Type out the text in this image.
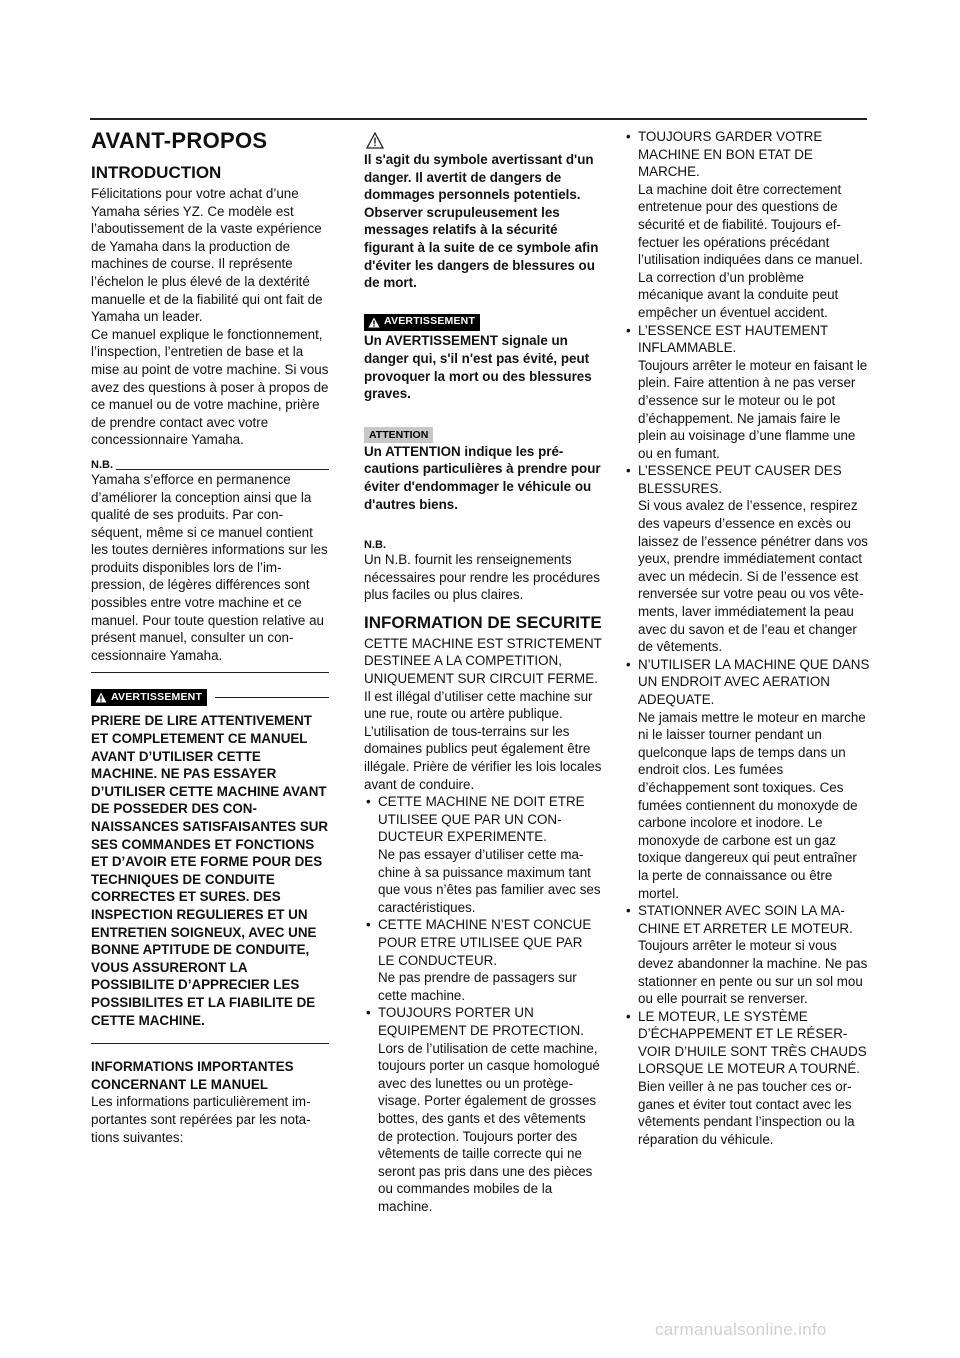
AVANT-PROPOS
INTRODUCTION

Félicitations pour votre achat d’une Yamaha séries YZ. Ce modèle est l’aboutissement de la vaste expérience de Yamaha dans la production de machines de course. Il représente l’échelon le plus élevé de la dextérité manuelle et de la fiabilité qui ont fait de Yamaha un leader.

Ce manuel explique le fonctionnement, l’inspection, l’entretien de base et la mise au point de votre machine. Si vous avez des questions à poser à propos de ce manuel ou de votre machine, prière de prendre contact avec votre concessionnaire Yamaha.

N.B.

Yamaha s’efforce en permanence d’améliorer la conception ainsi que la qualité de ses produits. Par conséquent, même si ce manuel contient les toutes dernières informations sur les produits disponibles lors de l’impression, de légères différences sont possibles entre votre machine et ce manuel. Pour toute question relative au présent manuel, consulter un concessionnaire Yamaha.

AVERTISSEMENT

PRIERE DE LIRE ATTENTIVEMENT ET COMPLETEMENT CE MANUEL AVANT D’UTILISER CETTE MACHINE. NE PAS ESSAYER D’UTILISER CETTE MACHINE AVANT DE POSSEDER DES CONNAISSANCES SATISFAISANTES SUR SES COMMANDES ET FONCTIONS ET D’AVOIR ETE FORME POUR DES TECHNIQUES DE CONDUITE CORRECTES ET SURES. DES INSPECTION REGULIERES ET UN ENTRETIEN SOIGNEUX, AVEC UNE BONNE APTITUDE DE CONDUITE, VOUS ASSURERONT LA POSSIBILITE D’APPRECIER LES POSSIBILITES ET LA FIABILITE DE CETTE MACHINE.

INFORMATIONS IMPORTANTES CONCERNANT LE MANUEL

Les informations particulièrement importantes sont repérées par les notations suivantes:

Il s'agit du symbole avertissant d'un danger. Il avertit de dangers de dommages personnels potentiels. Observer scrupuleusement les messages relatifs à la sécurité figurant à la suite de ce symbole afin d'éviter les dangers de blessures ou de mort.

AVERTISSEMENT

Un AVERTISSEMENT signale un danger qui, s'il n'est pas évité, peut provoquer la mort ou des blessures graves.

ATTENTION

Un ATTENTION indique les précautions particulières à prendre pour éviter d'endommager le véhicule ou d'autres biens.

N.B.

Un N.B. fournit les renseignements nécessaires pour rendre les procédures plus faciles ou plus claires.

INFORMATION DE SECURITE

CETTE MACHINE EST STRICTEMENT DESTINEE A LA COMPETITION, UNIQUEMENT SUR CIRCUIT FERME. Il est illégal d’utiliser cette machine sur une rue, route ou artère publique. L’utilisation de tous-terrains sur les domaines publics peut également être illégale. Prière de vérifier les lois locales avant de conduire.

• CETTE MACHINE NE DOIT ETRE UTILISEE QUE PAR UN CONDUCTEUR EXPERIMENTE.

Ne pas essayer d’utiliser cette machine à sa puissance maximum tant que vous n’êtes pas familier avec ses caractéristiques.

• CETTE MACHINE N’EST CONCUE POUR ETRE UTILISEE QUE PAR LE CONDUCTEUR.

Ne pas prendre de passagers sur cette machine.

• TOUJOURS PORTER UN EQUIPEMENT DE PROTECTION.

Lors de l’utilisation de cette machine, toujours porter un casque homologué avec des lunettes ou un protège-visage. Porter également de grosses bottes, des gants et des vêtements de protection. Toujours porter des vêtements de taille correcte qui ne seront pas pris dans une des pièces ou commandes mobiles de la machine.

• TOUJOURS GARDER VOTRE MACHINE EN BON ETAT DE MARCHE.

La machine doit être correctement entretenue pour des questions de sécurité et de fiabilité. Toujours effectuer les opérations précédant l’utilisation indiquées dans ce manuel. La correction d’un problème mécanique avant la conduite peut empêcher un éventuel accident.

• L’ESSENCE EST HAUTEMENT INFLAMMABLE.

Toujours arrêter le moteur en faisant le plein. Faire attention à ne pas verser d’essence sur le moteur ou le pot d’échappement. Ne jamais faire le plein au voisinage d’une flamme une ou en fumant.

• L’ESSENCE PEUT CAUSER DES BLESSURES.

Si vous avalez de l’essence, respirez des vapeurs d’essence en excès ou laissez de l’essence pénétrer dans vos yeux, prendre immédiatement contact avec un médecin. Si de l’essence est renversée sur votre peau ou vos vêtements, laver immédiatement la peau avec du savon et de l’eau et changer de vêtements.

• N’UTILISER LA MACHINE QUE DANS UN ENDROIT AVEC AERATION ADEQUATE.

Ne jamais mettre le moteur en marche ni le laisser tourner pendant un quelconque laps de temps dans un endroit clos. Les fumées d’échappement sont toxiques. Ces fumées contiennent du monoxyde de carbone incolore et inodore. Le monoxyde de carbone est un gaz toxique dangereux qui peut entraîner la perte de connaissance ou être mortel.

• STATIONNER AVEC SOIN LA MACHINE ET ARRETER LE MOTEUR.

Toujours arrêter le moteur si vous devez abandonner la machine. Ne pas stationner en pente ou sur un sol mou ou elle pourrait se renverser.

• LE MOTEUR, LE SYSTÈME D’ÉCHAPPEMENT ET LE RÉSERVOIR D’HUILE SONT TRÈS CHAUDS LORSQUE LE MOTEUR A TOURNÉ.

Bien veiller à ne pas toucher ces organes et éviter tout contact avec les vêtements pendant l’inspection ou la réparation du véhicule.

carmanualsonline.info
